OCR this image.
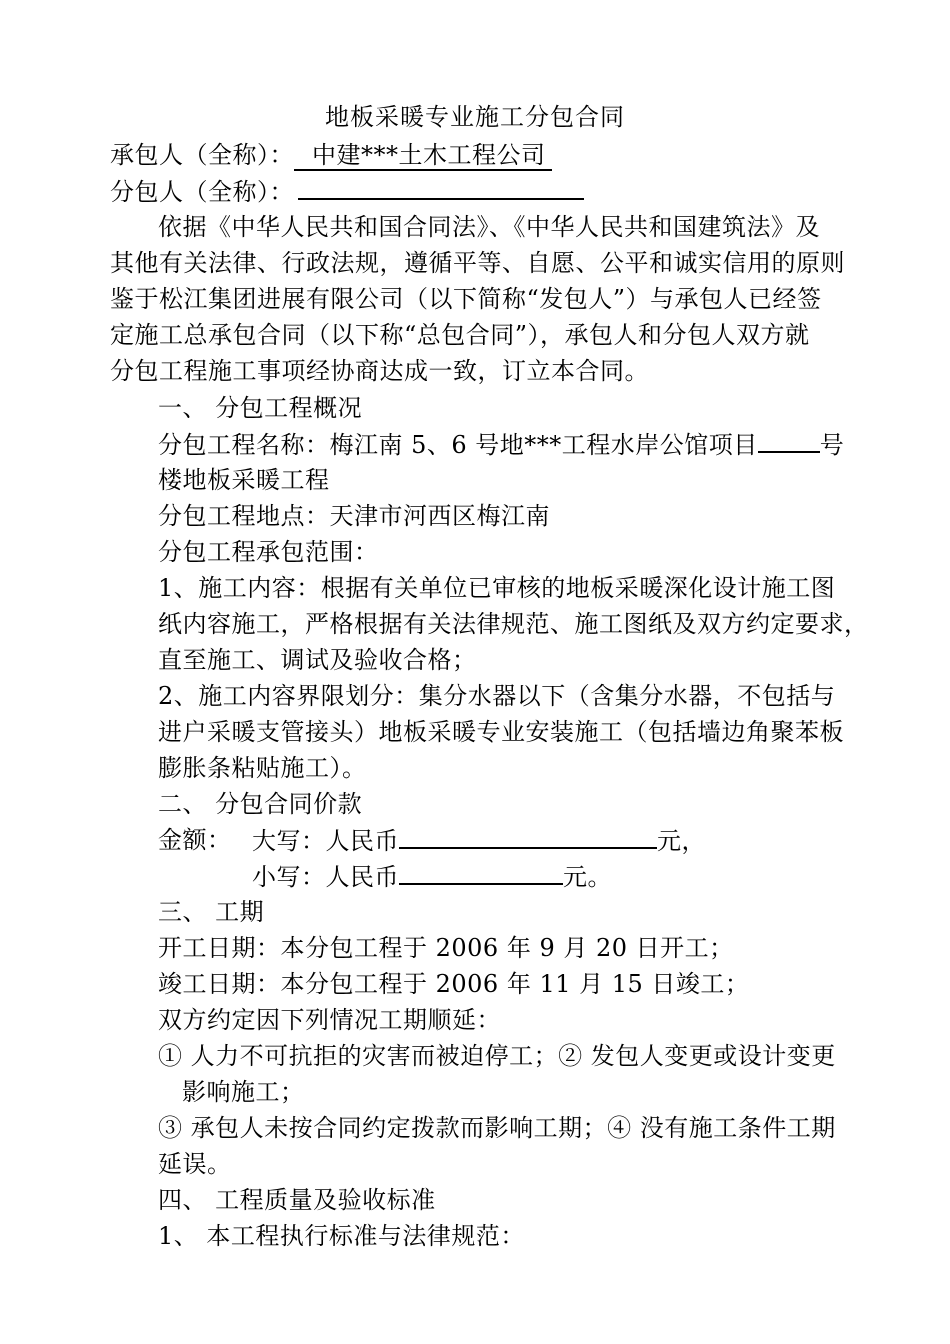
地板采暖专业施工分包合同
承包人（全称）： 中建***土木工程公司
分包人（全称）：
依据《中华人民共和国合同法》、《中华人民共和国建筑法》及
其他有关法律、行政法规，遵循平等、自愿、公平和诚实信用的原则
鉴于松江集团进展有限公司（以下简称“发包人”）与承包人已经签
定施工总承包合同（以下称“总包合同”），承包人和分包人双方就
分包工程施工事项经协商达成一致，订立本合同。
一、 分包工程概况
分包工程名称：梅江南 5、6 号地***工程水岸公馆项目	号
楼地板采暖工程
分包工程地点：天津市河西区梅江南
分包工程承包范围：
1、施工内容：根据有关单位已审核的地板采暖深化设计施工图
纸内容施工，严格根据有关法律规范、施工图纸及双方约定要求，
直至施工、调试及验收合格；
2、施工内容界限划分：集分水器以下（含集分水器，不包括与
进户采暖支管接头）地板采暖专业安装施工（包括墙边角聚苯板
膨胀条粘贴施工）。
二、 分包合同价款
金额： 大写：人民币	元，
小写：人民币	元。
三、 工期
开工日期：本分包工程于 2006 年 9 月 20 日开工；
竣工日期：本分包工程于 2006 年 11 月 15 日竣工；
双方约定因下列情况工期顺延：
① 人力不可抗拒的灾害而被迫停工；② 发包人变更或设计变更
影响施工；
③ 承包人未按合同约定拨款而影响工期；④ 没有施工条件工期
延误。
四、 工程质量及验收标准
1、 本工程执行标准与法律规范：
